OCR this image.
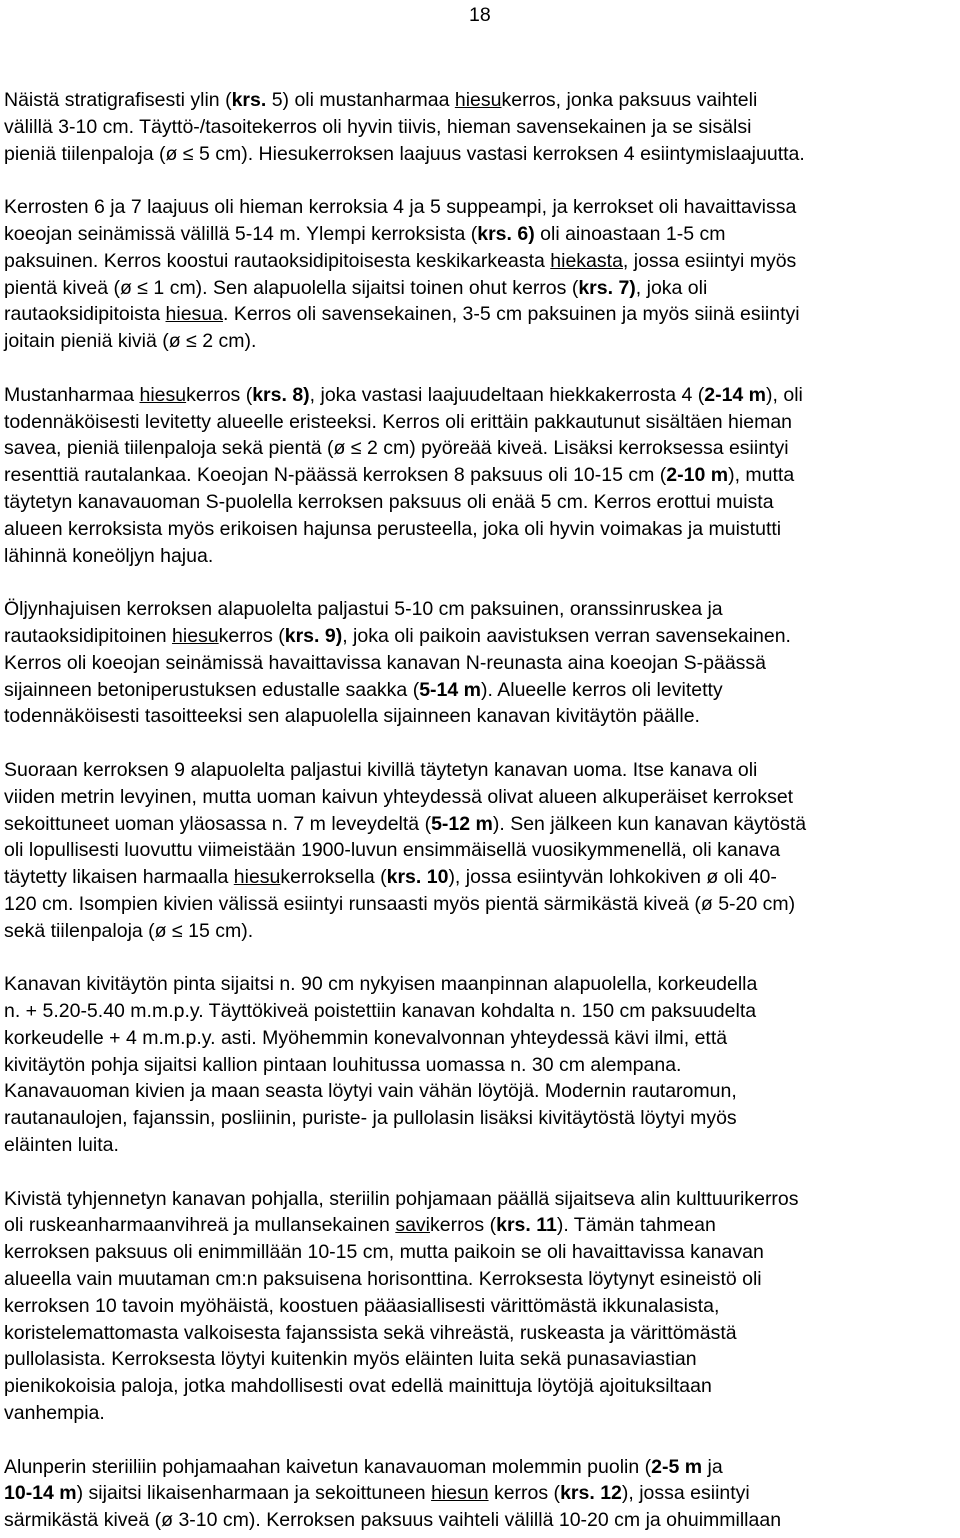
18
Näistä stratigrafisesti ylin (krs. 5) oli mustanharmaa hiesukerros, jonka paksuus vaihteli
välillä 3-10 cm. Täyttö-/tasoitekerros oli hyvin tiivis, hieman savensekainen ja se sisälsi
pieniä tiilenpaloja (ø ≤ 5 cm). Hiesukerroksen laajuus vastasi kerroksen 4 esiintymislaajuutta.
Kerrosten 6 ja 7 laajuus oli hieman kerroksia 4 ja 5 suppeampi, ja kerrokset oli havaittavissa
koeojan seinämissä välillä 5-14 m. Ylempi kerroksista (krs. 6) oli ainoastaan 1-5 cm
paksuinen. Kerros koostui rautaoksidipitoisesta keskikarkeasta hiekasta, jossa esiintyi myös
pientä kiveä (ø ≤ 1 cm). Sen alapuolella sijaitsi toinen ohut kerros (krs. 7), joka oli
rautaoksidipitoista hiesua. Kerros oli savensekainen, 3-5 cm paksuinen ja myös siinä esiintyi
joitain pieniä kiviä (ø ≤ 2 cm).
Mustanharmaa hiesukerros (krs. 8), joka vastasi laajuudeltaan hiekkakerrosta 4 (2-14 m), oli
todennäköisesti levitetty alueelle eristeeksi. Kerros oli erittäin pakkautunut sisältäen hieman
savea, pieniä tiilenpaloja sekä pientä (ø ≤ 2 cm) pyöreää kiveä. Lisäksi kerroksessa esiintyi
resenttiä rautalankaa. Koeojan N-päässä kerroksen 8 paksuus oli 10-15 cm (2-10 m), mutta
täytetyn kanavauoman S-puolella kerroksen paksuus oli enää 5 cm. Kerros erottui muista
alueen kerroksista myös erikoisen hajunsa perusteella, joka oli hyvin voimakas ja muistutti
lähinnä koneöljyn hajua.
Öljynhajuisen kerroksen alapuolelta paljastui 5-10 cm paksuinen, oranssinruskea ja
rautaoksidipitoinen hiesukerros (krs. 9), joka oli paikoin aavistuksen verran savensekainen.
Kerros oli koeojan seinämissä havaittavissa kanavan N-reunasta aina koeojan S-päässä
sijainneen betoniperustuksen edustalle saakka (5-14 m). Alueelle kerros oli levitetty
todennäköisesti tasoitteeksi sen alapuolella sijainneen kanavan kivitäytön päälle.
Suoraan kerroksen 9 alapuolelta paljastui kivillä täytetyn kanavan uoma. Itse kanava oli
viiden metrin levyinen, mutta uoman kaivun yhteydessä olivat alueen alkuperäiset kerrokset
sekoittuneet uoman yläosassa n. 7 m leveydeltä (5-12 m). Sen jälkeen kun kanavan käytöstä
oli lopullisesti luovuttu viimeistään 1900-luvun ensimmäisellä vuosikymmenellä, oli kanava
täytetty likaisen harmaalla hiesukerroksella (krs. 10), jossa esiintyvän lohkokiven ø oli 40-
120 cm. Isompien kivien välissä esiintyi runsaasti myös pientä särmikästä kiveä (ø 5-20 cm)
sekä tiilenpaloja (ø ≤ 15 cm).
Kanavan kivitäytön pinta sijaitsi n. 90 cm nykyisen maanpinnan alapuolella, korkeudella
n. + 5.20-5.40 m.m.p.y. Täyttökiveä poistettiin kanavan kohdalta n. 150 cm paksuudelta
korkeudelle + 4 m.m.p.y. asti. Myöhemmin konevalvonnan yhteydessä kävi ilmi, että
kivitäytön pohja sijaitsi kallion pintaan louhitussa uomassa n. 30 cm alempana.
Kanavauoman kivien ja maan seasta löytyi vain vähän löytöjä. Modernin rautaromun,
rautanaulojen, fajanssin, posliinin, puriste- ja pullolasin lisäksi kivitäytöstä löytyi myös
eläinten luita.
Kivistä tyhjennetyn kanavan pohjalla, steriilin pohjamaan päällä sijaitseva alin kulttuurikerros
oli ruskeanharmaanvihreä ja mullansekainen savikerros (krs. 11). Tämän tahmean
kerroksen paksuus oli enimmillään 10-15 cm, mutta paikoin se oli havaittavissa kanavan
alueella vain muutaman cm:n paksuisena horisonttina. Kerroksesta löytynyt esineistö oli
kerroksen 10 tavoin myöhäistä, koostuen pääasiallisesti värittömästä ikkunalasista,
koristelemattomasta valkoisesta fajanssista sekä vihreästä, ruskeasta ja värittömästä
pullolasista. Kerroksesta löytyi kuitenkin myös eläinten luita sekä punasaviastian
pienikokoisia paloja, jotka mahdollisesti ovat edellä mainittuja löytöjä ajoituksiltaan
vanhempia.
Alunperin steriiliin pohjamaahan kaivetun kanavauoman molemmin puolin (2-5 m ja
10-14 m) sijaitsi likaisenharmaan ja sekoittuneen hiesun kerros (krs. 12), jossa esiintyi
särmikästä kiveä (ø 3-10 cm). Kerroksen paksuus vaihteli välillä 10-20 cm ja ohuimmillaan
